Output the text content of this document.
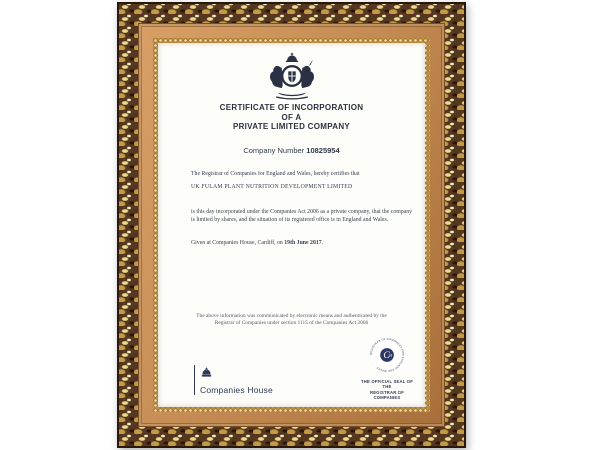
CERTIFICATE OF INCORPORATION
OF A
PRIVATE LIMITED COMPANY
Company Number 10825954
The Registrar of Companies for England and Wales, hereby certifies that
UK FULAM PLANT NUTRITION DEVELOPMENT LIMITED
is this day incorporated under the Companies Act 2006 as a private company, that the company is limited by shares, and the situation of its registered office is in England and Wales.
Given at Companies House, Cardiff, on 19th June 2017.
The above information was communicated by electronic means and authenticated by the
Registrar of Companies under section 1115 of the Companies Act 2006
Companies House
REGISTRAR OF COMPANIES FOR ENGLAND AND WALES
C H
THE OFFICIAL SEAL OF THE
REGISTRAR OF COMPANIES
